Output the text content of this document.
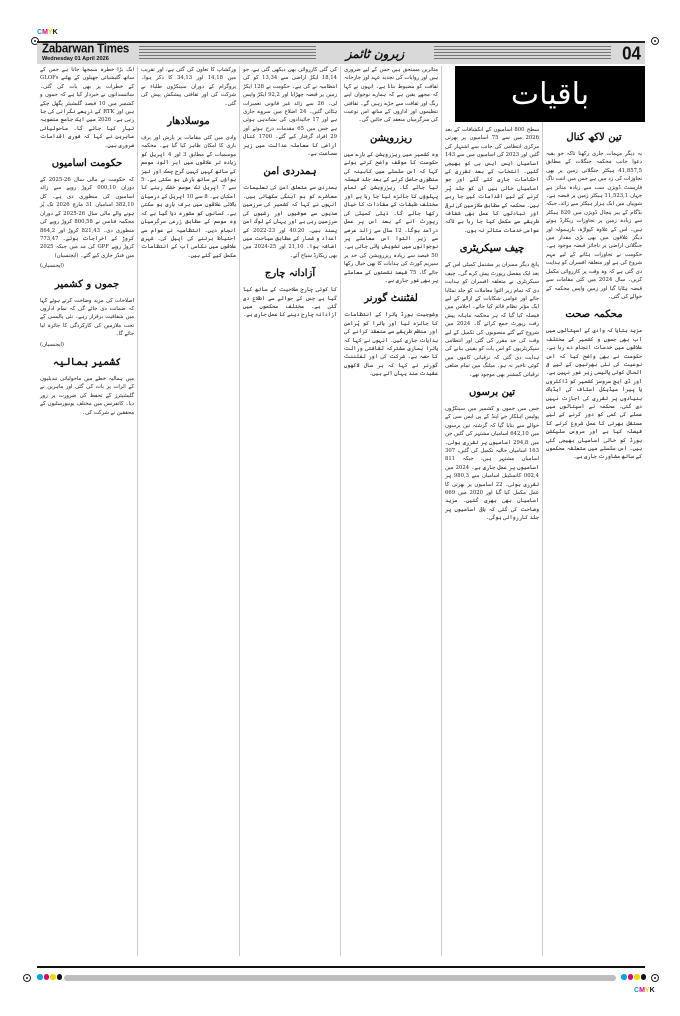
CMYK
Zabarwan Times
Wednesday 01 April 2026	زبرون ٹائمز	04
تین لاکھ کنال

یہ دیگر مہمات جاری رکھنا تاکہ جو بقیہ دعوا جانب محکمہ جنگلات کے مطابق 41,857,5 ہیکٹر جنگلاتی زمین پر بھی تجاوزات کی زد میں ہے جس میں اننت ناگ فاریسٹ ڈویژن سب سے زیادہ متاثر ہے جہاں 11,523,1 ہیکٹر زمین پر قبضہ ہے۔ شوپیاں میں ایک ہزار ہیکٹر سے زائد، جبکہ بڈگام کے پیر پنچال ڈویژن میں 820 ہیکٹر سے زیادہ زمین پر تجاوزات ریکارڈ ہوئے ہیں۔ اس کے علاوہ کپواڑہ، بارہمولہ اور دیگر علاقوں میں بھی بڑی مقدار میں جنگلاتی اراضی پر ناجائز قبضہ موجود ہے۔ حکومت نے تجاوزات ہٹانے کے لیے مہم شروع کی ہے اور متعلقہ افسران کو ہدایت دی گئی ہے کہ وہ وقت پر کارروائی مکمل کریں۔ سال 2024 میں کئی مقامات سے قبضہ ہٹایا گیا اور زمین واپس محکمہ کے حوالے کی گئی۔

محکمہ صحت

مزید بتایا کہ وادی کے اسپتالوں میں اب بھی جموں و کشمیر کے مختلف علاقوں میں خدمات انجام دے رہا ہے۔ حکومت نے بھی واضح کیا کہ اس نوعیت کی نئی بھرتیوں کے لیے فی الحال کوئی پالیسی زیر غور نہیں ہے۔ اور ڈی ایچ سروسز کشمیر کو ڈاکٹروں یا پیرا میڈیکل اسٹاف کی ایڈہاک بنیادوں پر تقرری کی اجازت نہیں دی گئی۔ محکمہ نے اسپتالوں میں عملے کی کمی کو دور کرنے کے لیے مستقل بھرتی کا عمل شروع کرنے کا فیصلہ کیا ہے اور سروس سلیکشن بورڈ کو خالی اسامیاں بھیجی گئی ہیں۔ اس سلسلے میں متعلقہ محکموں کے ساتھ مشاورت جاری ہے۔

سطح 800 اسامیوں کے انکشافات کے بعد 2026 میں سے 75 اسامیوں پر بھرتی مرکزی انتظامی کی جانب سے اشتہار کی گئیں اور 2023 کی اسامیوں میں سے 143 اسامیاں ایس ایس بی کو بھیجی گئیں۔ انتخاب کے بعد تقرری کے احکامات جاری کئے گئے اور جو اسامیاں خالی ہیں ان کو جلد پُر کرنے کے لیے اقدامات کیے جا رہے ہیں۔ محکمہ کے مطابق ملازمین کی ترقی اور تبادلوں کا عمل بھی شفاف طریقے سے مکمل کیا جا رہا ہے تاکہ عوامی خدمات متاثر نہ ہوں۔

چیف سیکریٹری

پانچ دیگر ممبران پر مشتمل کمیٹی اس کے بعد ایک مفصل رپورٹ پیش کرے گی۔ چیف سیکریٹری نے متعلقہ افسران کو ہدایت دی کہ تمام زیر التوا معاملات کو جلد نمٹایا جائے اور عوامی شکایات کے ازالے کے لیے ایک مؤثر نظام قائم کیا جائے۔ اجلاس میں فیصلہ کیا گیا کہ ہر محکمہ ماہانہ پیش رفت رپورٹ جمع کرائے گا۔ 2024 میں شروع کیے گئے منصوبوں کی تکمیل کے لیے وقت کی حد مقرر کی گئی اور انتظامی سیکریٹریوں کو اس بات کو یقینی بنانے کی ہدایت دی گئی کہ ترقیاتی کاموں میں کوئی تاخیر نہ ہو۔ میٹنگ میں تمام ضلعی ترقیاتی کمشنر بھی موجود تھے۔

تین برسوں

جس میں جموں و کشمیر میں سینکڑوں پولیس اہلکار جے اینڈ کے پی ایس سی کے حوالے سے بتایا گیا کہ گزشتہ تین برسوں میں 642,10 اسامیاں مشتہر کی گئیں جن میں 294,8 اسامیوں پر تقرری ہوئی۔ 163 اسامیاں حالیہ تکمیل کی گئیں، 307 اسامیاں مشتہر ہیں، جبکہ 811 اسامیوں پر عمل جاری ہے۔ 2024 میں 002,4 کانسٹیبل اسامیاں سے 980,3 پر تقرری ہوئی۔ 22 اسامیوں پر بھرتی کا عمل مکمل کیا گیا اور 2020 میں 669 اسامیاں بھی بھری گئیں۔ مزید وضاحت کی گئی کہ باقی اسامیوں پر جلد کارروائی ہوگی۔

متاثرین مستحق ہیں جس کے لیے ضروری ہیں اور روایات کی تجدید عہد اور جارحانہ ثقافت کو مضبوط بنانا ہے۔ انہوں نے کہا کہ مجھے یقین ہے کہ ہمارے نوجوان اپنے رنگ اور ثقافت سے جڑے رہیں گے۔ ثقافتی تنظیموں اور اداروں کے ساتھ اس نوعیت کی سرگرمیاں منعقد کی جائیں گی۔

ریزرویشن

وہ کشمیر میں ریزرویشن کے بارے میں حکومت کا موقف واضح کرتے ہوئے کہا کہ اس سلسلے میں کابینہ کی منظوری حاصل کرنے کے بعد جلد فیصلہ لیا جائے گا۔ ریزرویشن کے تمام پہلوؤں کا جائزہ لیا جا رہا ہے اور مختلف طبقات کے مفادات کا خیال رکھا جائے گا۔ ذیلی کمیٹی کی رپورٹ آنے کے بعد اس پر عمل درآمد ہوگا۔ 12 سال سے زائد عرصے سے زیر التوا اس معاملے پر نوجوانوں میں تشویش پائی جاتی ہے۔ 50 فیصد سے زیادہ ریزرویشن کی حد پر سپریم کورٹ کی ہدایات کا بھی خیال رکھا جائے گا۔ 75 فیصد نشستوں کے معاملے پر بھی غور جاری ہے۔

لفٹننٹ گورنر

وشوجیت بورڈ یاترا کے انتظامات کا جائزہ لیا اور یاترا کو پُرامن اور منظم طریقے سے منعقد کرانے کی ہدایات جاری کیں۔ انہوں نے کہا کہ یاترا ہماری مشترکہ ثقافتی وراثت کا حصہ ہے۔ شرکت کی اور لفٹننٹ گورنر نے کہا کہ ہر سال لاکھوں عقیدت مند یہاں آتے ہیں۔

کی گئی کارروائی بھی دیکھی گئی ہے، جو 18,14 ایکڑ اراضی سے 13,34 کو کی انتظامیہ نے کی ہے۔ حکومت نے 128 ایکڑ زمین پر قبضہ چھڑایا اور 92,2 ایکڑ واپس لی۔ 26 سے زائد غیر قانونی تعمیرات ہٹائی گئیں۔ 24 اضلاع میں سروے جاری ہے اور 17 جائیدادوں کی نشاندہی ہوئی ہے جس میں 65 مقدمات درج ہوئے اور 29 افراد گرفتار کیے گئے۔ 1700 کنال اراضی کا معاملہ عدالت میں زیر سماعت ہے۔

ہمدردی امن

ہمدردی سے متعلق امن کی تعلیمات معاشرے کو ہم آہنگی سکھاتی ہیں۔ انہوں نے کہا کہ کشمیر کی سرزمین صدیوں سے صوفیوں اور رشیوں کی سرزمین رہی ہے اور یہاں کے لوگ امن پسند ہیں۔ 40.20 اور 23-2022 کے اعداد و شمار کے مطابق سیاحت میں اضافہ ہوا۔ 21,10 اور 25-2024 میں بھی ریکارڈ سیاح آئے۔

آزادانہ چارج

کا کوئی چارج صلاحیت کے ساتھ کیا گیا ہے جس کے حوالے سے اطلاع دی گئی ہے۔ مختلف محکموں میں آزادانہ چارج دینے کا عمل جاری ہے۔

ورکشاپ کا تعاون کی گئی ہے، اور تقریب میں 14,18 اور 34,13 کا ذکر ہوا۔ پروگرام کے دوران سینکڑوں طلباء نے شرکت کی اور ثقافتی پیشکش پیش کی گئی۔

موسلادھار

وادی میں کئی مقامات پر بارش اور برف باری کا امکان ظاہر کیا گیا ہے۔ محکمہ موسمیات کے مطابق 3 اور 4 اپریل کو زیادہ تر علاقوں میں ابر آلود موسم کے ساتھ کہیں کہیں گرج چمک اور تیز ہواؤں کے ساتھ بارش ہو سکتی ہے۔ 5 سے 7 اپریل تک موسم خشک رہنے کا امکان ہے۔ 8 سے 10 اپریل کے درمیان بالائی علاقوں میں برف باری ہو سکتی ہے۔ کسانوں کو مشورہ دیا گیا ہے کہ وہ موسم کے مطابق زرعی سرگرمیاں انجام دیں۔ انتظامیہ نے عوام سے احتیاط برتنے کی اپیل کی۔ شہری علاقوں میں نکاسی آب کے انتظامات مکمل کیے گئے ہیں۔

ایک بڑا خطرہ سمجھا جاتا ہے جس کے ساتھ گلیشیائی جھیلوں کے پھٹنے GLOFs کے خطرات پر بھی بات کی گئی۔ سائنسدانوں نے خبردار کیا ہے کہ جموں و کشمیر میں 10 فیصد گلیشیئر پگھل چکے ہیں اور RTK کے ذریعے نگرانی کی جا رہی ہے۔ 2026 میں ایک جامع منصوبہ تیار کیا جائے گا۔ ماحولیاتی ماہرین نے کہا کہ فوری اقدامات ضروری ہیں۔

حکومت اسامیوں

کہ حکومت نے مالی سال 26-2025 کے دوران 000,10 کروڑ روپے سے زائد اسامیوں کی منظوری دی ہے۔ کل 382,10 اسامیاں 31 مارچ 2026 تک پُر ہونے والے مالی سال 26-2025 کے دوران محکمہ فنانس نے 800,58 کروڑ روپے کی منظوری دی۔ 821,43 کروڑ اور 864,2 کروڑ کے اخراجات ہوئے۔ 773,47 کروڑ روپے GPF کی مد میں جبکہ 2025 میں فنڈز جاری کیے گئے۔ (ایجنسیاں)

(ایجنسیاں)
جموں و کشمیر

اصلاحات کی مزید وضاحت کرتے ہوئے کہا کہ ضمانت دی جائے گی کہ تمام اداروں میں شفافیت برقرار رہے۔ نئی پالیسی کے تحت ملازمین کی کارکردگی کا جائزہ لیا جائے گا۔

(ایجنسیاں)
کشمیر ہمالیہ

میں ہمالیہ خطے میں ماحولیاتی تبدیلیوں کے اثرات پر بات کی گئی اور ماہرین نے گلیشیئرز کے تحفظ کی ضرورت پر زور دیا۔ کانفرنس میں مختلف یونیورسٹیوں کے محققین نے شرکت کی۔

باقیات
CMYK
